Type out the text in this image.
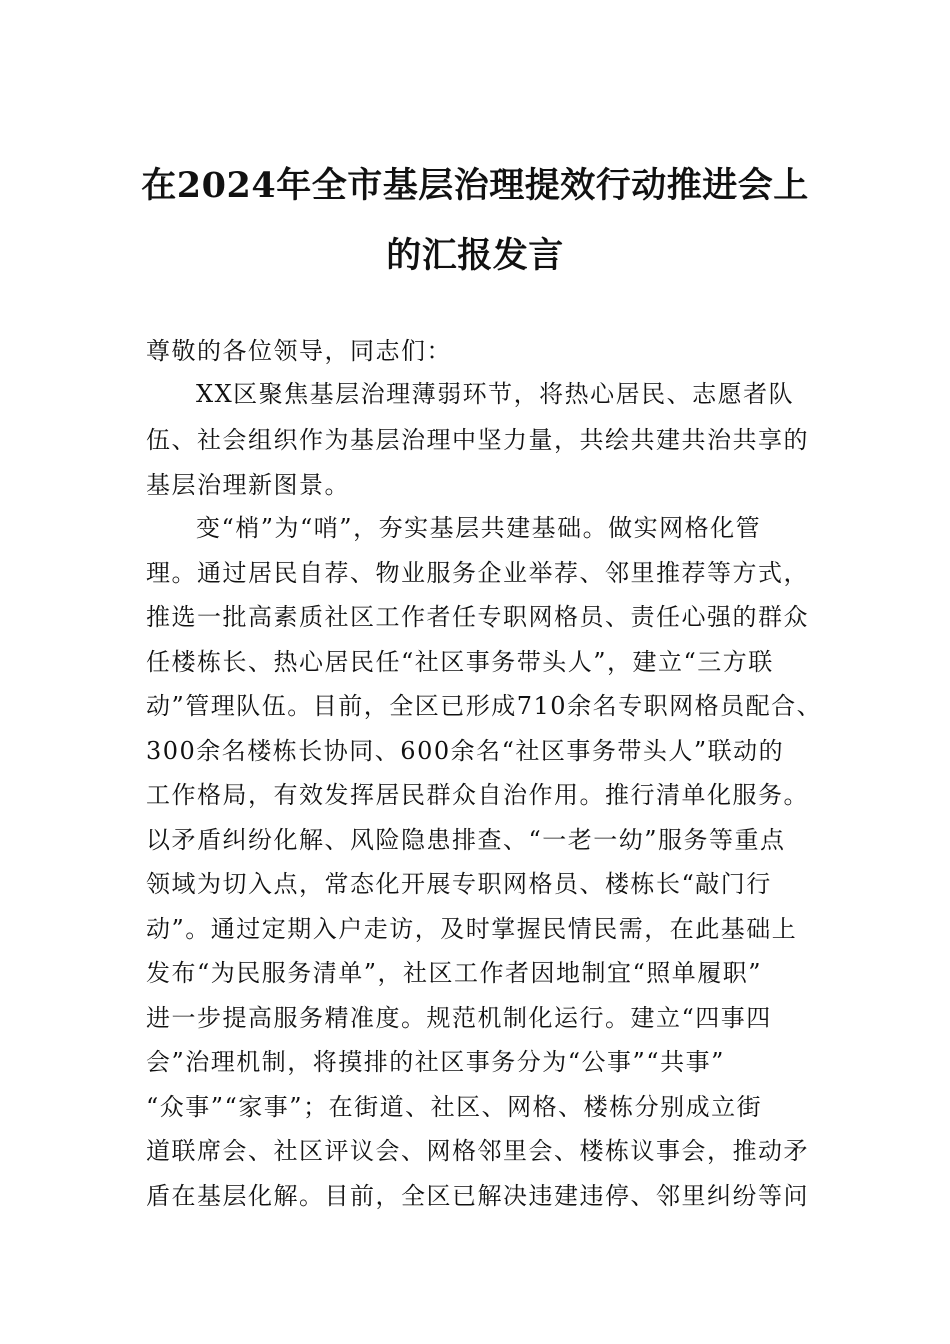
在2024年全市基层治理提效行动推进会上
的汇报发言

尊敬的各位领导，同志们：

XX区聚焦基层治理薄弱环节，将热心居民、志愿者队

伍、社会组织作为基层治理中坚力量，共绘共建共治共享的

基层治理新图景。

变“梢”为“哨”，夯实基层共建基础。做实网格化管

理。通过居民自荐、物业服务企业举荐、邻里推荐等方式，

推选一批高素质社区工作者任专职网格员、责任心强的群众

任楼栋长、热心居民任“社区事务带头人”，建立“三方联

动”管理队伍。目前，全区已形成710余名专职网格员配合、

300余名楼栋长协同、600余名“社区事务带头人”联动的

工作格局，有效发挥居民群众自治作用。推行清单化服务。

以矛盾纠纷化解、风险隐患排查、“一老一幼”服务等重点

领域为切入点，常态化开展专职网格员、楼栋长“敲门行

动”。通过定期入户走访，及时掌握民情民需，在此基础上

发布“为民服务清单”，社区工作者因地制宜“照单履职”

进一步提高服务精准度。规范机制化运行。建立“四事四

会”治理机制，将摸排的社区事务分为“公事”“共事”

“众事”“家事”；在街道、社区、网格、楼栋分别成立街

道联席会、社区评议会、网格邻里会、楼栋议事会，推动矛

盾在基层化解。目前，全区已解决违建违停、邻里纠纷等问
